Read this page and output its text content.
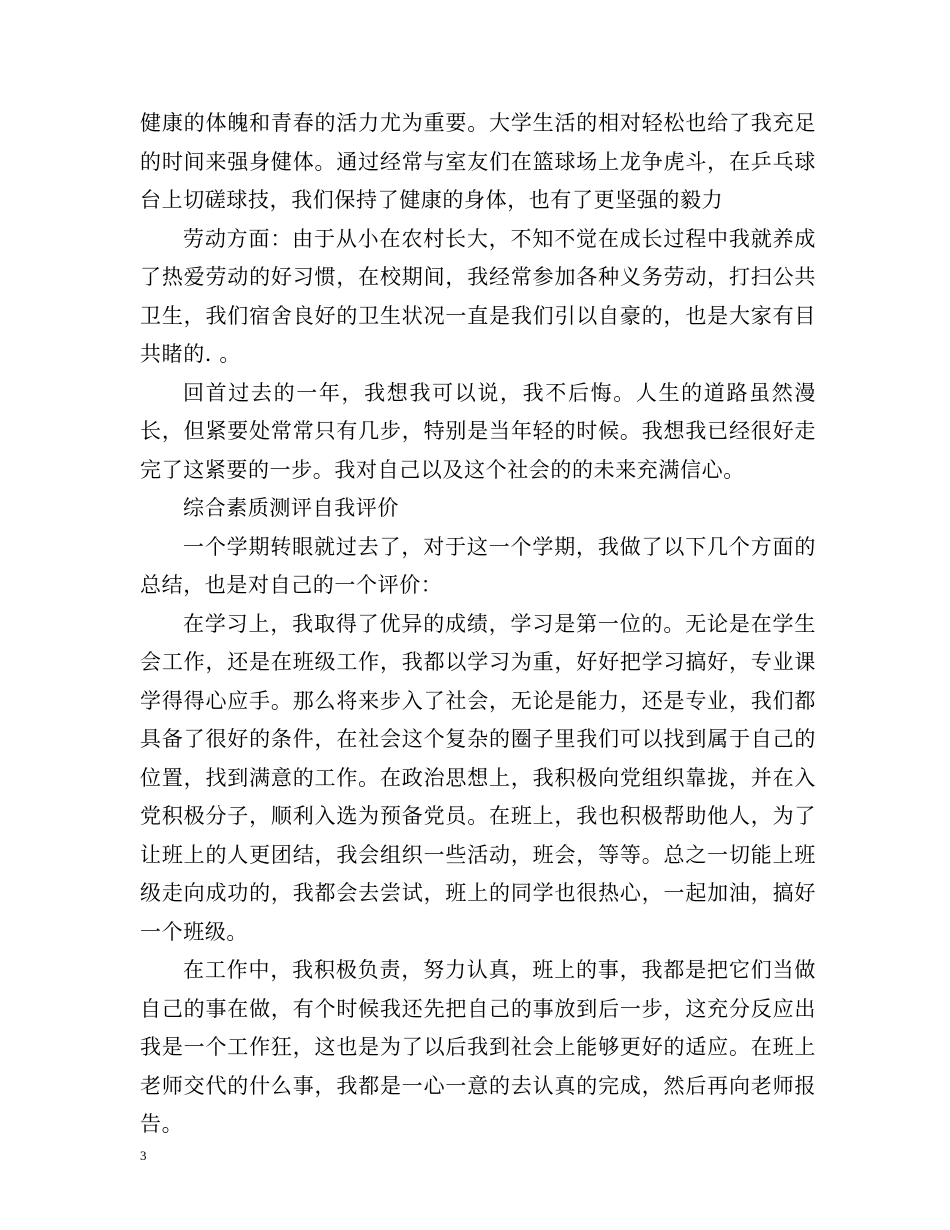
健康的体魄和青春的活力尤为重要。大学生活的相对轻松也给了我充足的时间来强身健体。通过经常与室友们在篮球场上龙争虎斗，在乒乓球台上切磋球技，我们保持了健康的身体，也有了更坚强的毅力

劳动方面：由于从小在农村长大，不知不觉在成长过程中我就养成了热爱劳动的好习惯，在校期间，我经常参加各种义务劳动，打扫公共卫生，我们宿舍良好的卫生状况一直是我们引以自豪的，也是大家有目共睹的. 。

回首过去的一年，我想我可以说，我不后悔。人生的道路虽然漫长，但紧要处常常只有几步，特别是当年轻的时候。我想我已经很好走完了这紧要的一步。我对自己以及这个社会的的未来充满信心。

综合素质测评自我评价

一个学期转眼就过去了，对于这一个学期，我做了以下几个方面的总结，也是对自己的一个评价：

在学习上，我取得了优异的成绩，学习是第一位的。无论是在学生会工作，还是在班级工作，我都以学习为重，好好把学习搞好，专业课学得得心应手。那么将来步入了社会，无论是能力，还是专业，我们都具备了很好的条件，在社会这个复杂的圈子里我们可以找到属于自己的位置，找到满意的工作。在政治思想上，我积极向党组织靠拢，并在入党积极分子，顺利入选为预备党员。在班上，我也积极帮助他人，为了让班上的人更团结，我会组织一些活动，班会，等等。总之一切能上班级走向成功的，我都会去尝试，班上的同学也很热心，一起加油，搞好一个班级。

在工作中，我积极负责，努力认真，班上的事，我都是把它们当做自己的事在做，有个时候我还先把自己的事放到后一步，这充分反应出我是一个工作狂，这也是为了以后我到社会上能够更好的适应。在班上老师交代的什么事，我都是一心一意的去认真的完成，然后再向老师报告。

3
